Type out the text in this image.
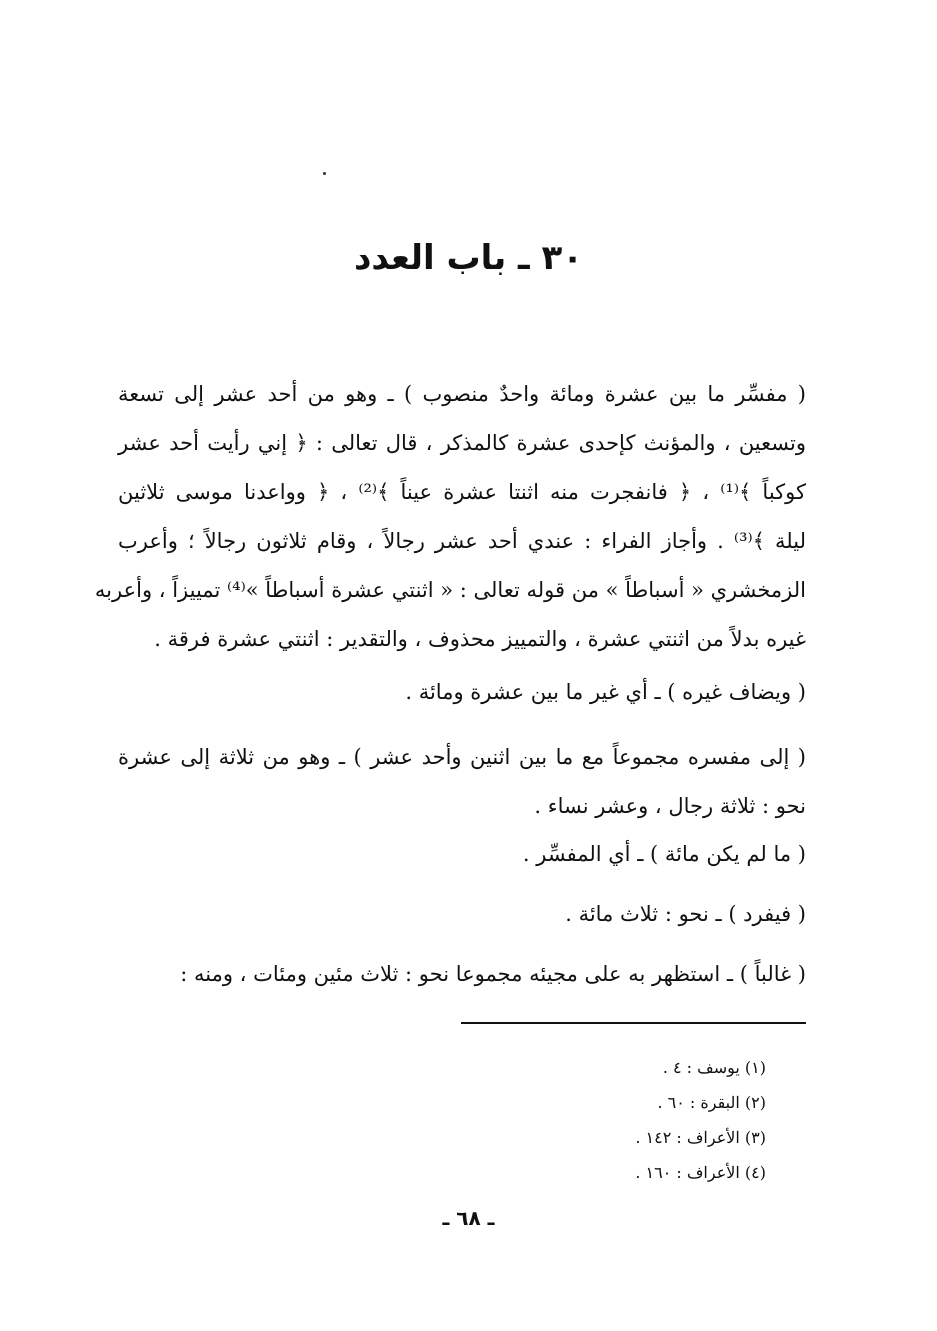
٣٠ ـ باب العدد
( مفسِّر ما بين عشرة ومائة واحدٌ منصوب ) ـ وهو من أحد عشر إلى تسعة
وتسعين ، والمؤنث كإحدى عشرة كالمذكر ، قال تعالى : ﴿ إني رأيت أحد عشر
كوكباً ﴾⁽¹⁾ ، ﴿ فانفجرت منه اثنتا عشرة عيناً ﴾⁽²⁾ ، ﴿ وواعدنا موسى ثلاثين
ليلة ﴾⁽³⁾ . وأجاز الفراء : عندي أحد عشر رجالاً ، وقام ثلاثون رجالاً ؛ وأعرب
الزمخشري « أسباطاً » من قوله تعالى : « اثنتي عشرة أسباطاً »⁽⁴⁾ تمييزاً ، وأعربه
غيره بدلاً من اثنتي عشرة ، والتمييز محذوف ، والتقدير : اثنتي عشرة فرقة .
( ويضاف غيره ) ـ أي غير ما بين عشرة ومائة .
( إلى مفسره مجموعاً مع ما بين اثنين وأحد عشر ) ـ وهو من ثلاثة إلى عشرة
نحو : ثلاثة رجال ، وعشر نساء .
( ما لم يكن مائة ) ـ أي المفسِّر .
( فيفرد ) ـ نحو : ثلاث مائة .
( غالباً ) ـ استظهر به على مجيئه مجموعا نحو : ثلاث مئين ومئات ، ومنه :
(١) يوسف : ٤ .
(٢) البقرة : ٦٠ .
(٣) الأعراف : ١٤٢ .
(٤) الأعراف : ١٦٠ .
ـ ٦٨ ـ
